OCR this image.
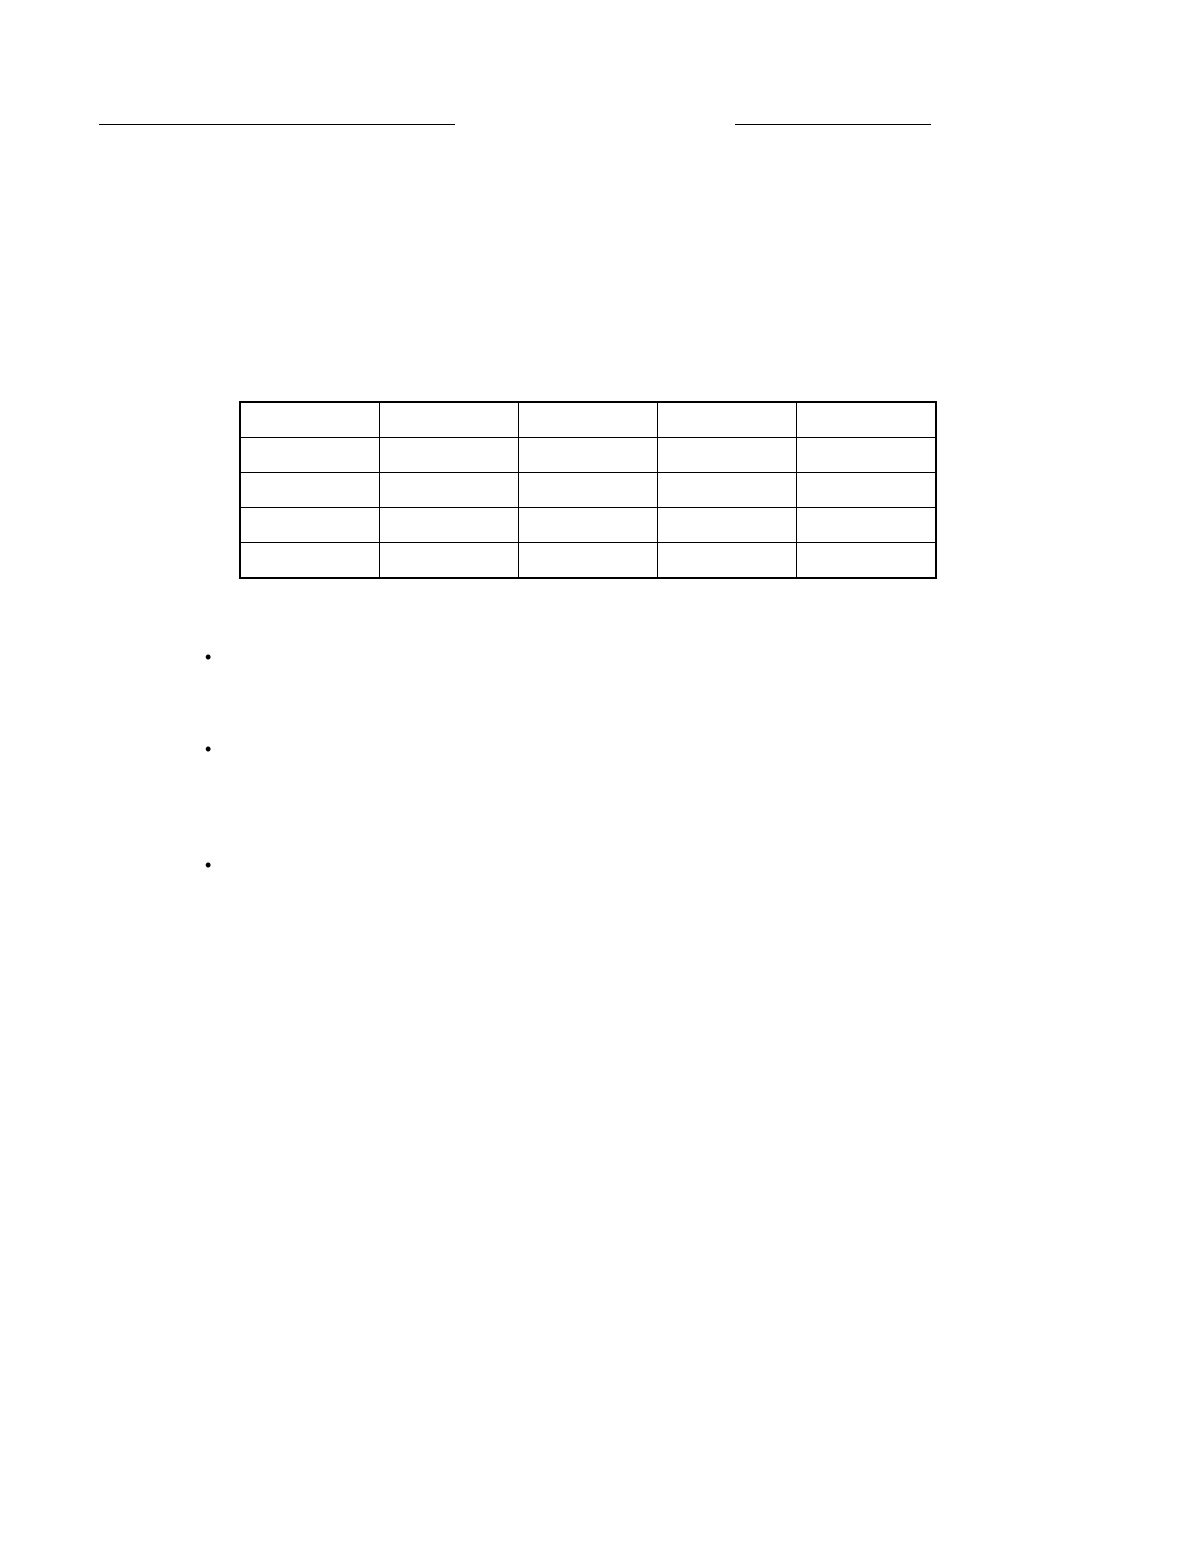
•
•
•
